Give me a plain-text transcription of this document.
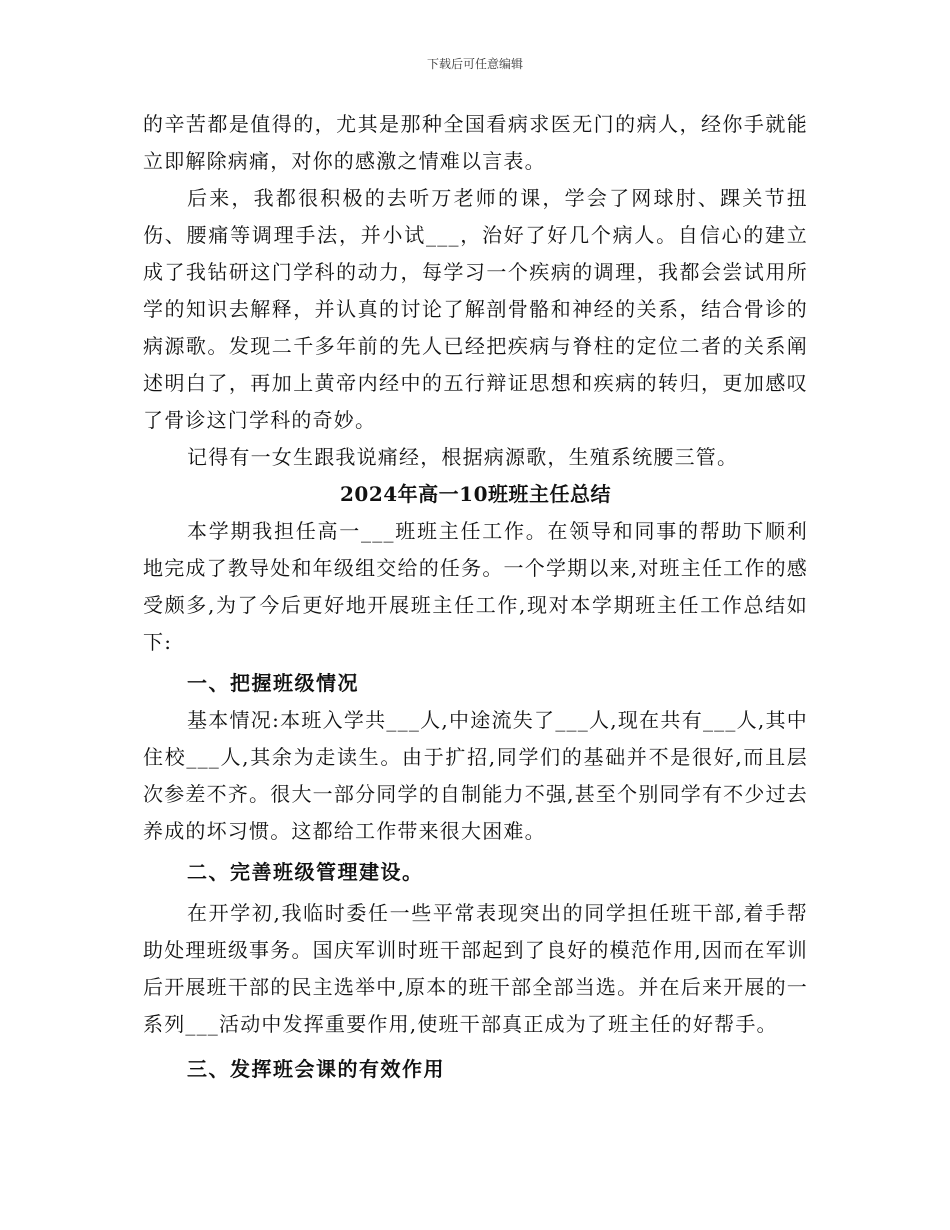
下载后可任意编辑

的辛苦都是值得的，尤其是那种全国看病求医无门的病人，经你手就能立即解除病痛，对你的感激之情难以言表。

后来，我都很积极的去听万老师的课，学会了网球肘、踝关节扭伤、腰痛等调理手法，并小试___，治好了好几个病人。自信心的建立成了我钻研这门学科的动力，每学习一个疾病的调理，我都会尝试用所学的知识去解释，并认真的讨论了解剖骨骼和神经的关系，结合骨诊的病源歌。发现二千多年前的先人已经把疾病与脊柱的定位二者的关系阐述明白了，再加上黄帝内经中的五行辩证思想和疾病的转归，更加感叹了骨诊这门学科的奇妙。

记得有一女生跟我说痛经，根据病源歌，生殖系统腰三管。

2024年高一10班班主任总结

本学期我担任高一___班班主任工作。在领导和同事的帮助下顺利地完成了教导处和年级组交给的任务。一个学期以来,对班主任工作的感受颇多,为了今后更好地开展班主任工作,现对本学期班主任工作总结如下:

一、把握班级情况

基本情况:本班入学共___人,中途流失了___人,现在共有___人,其中住校___人,其余为走读生。由于扩招,同学们的基础并不是很好,而且层次参差不齐。很大一部分同学的自制能力不强,甚至个别同学有不少过去养成的坏习惯。这都给工作带来很大困难。

二、完善班级管理建设。

在开学初,我临时委任一些平常表现突出的同学担任班干部,着手帮助处理班级事务。国庆军训时班干部起到了良好的模范作用,因而在军训后开展班干部的民主选举中,原本的班干部全部当选。并在后来开展的一系列___活动中发挥重要作用,使班干部真正成为了班主任的好帮手。

三、发挥班会课的有效作用
